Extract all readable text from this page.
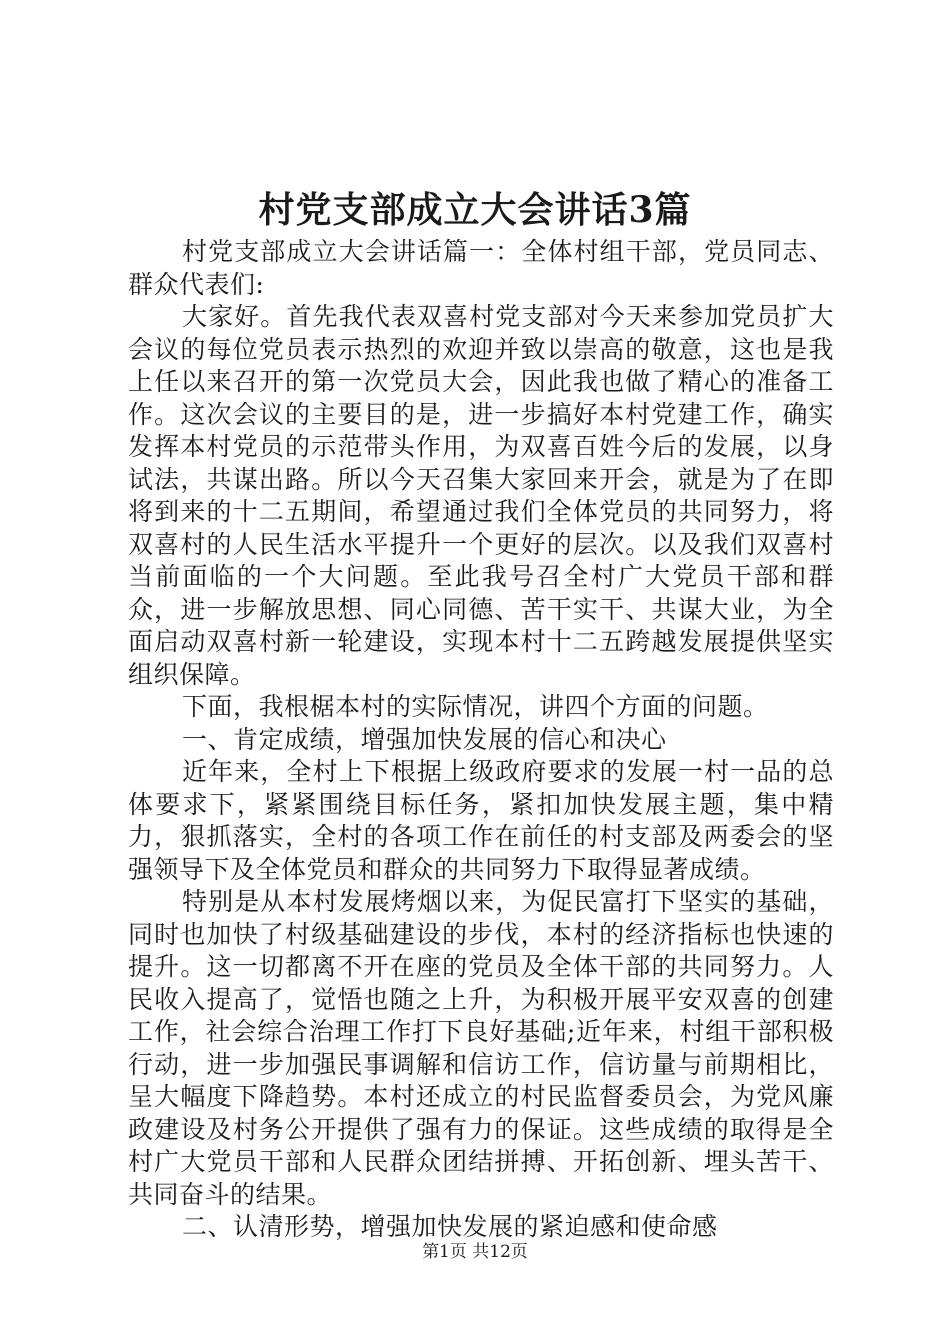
村党支部成立大会讲话3篇

村党支部成立大会讲话篇一：全体村组干部，党员同志、群众代表们:

大家好。首先我代表双喜村党支部对今天来参加党员扩大会议的每位党员表示热烈的欢迎并致以崇高的敬意，这也是我上任以来召开的第一次党员大会，因此我也做了精心的准备工作。这次会议的主要目的是，进一步搞好本村党建工作，确实发挥本村党员的示范带头作用，为双喜百姓今后的发展，以身试法，共谋出路。所以今天召集大家回来开会，就是为了在即将到来的十二五期间，希望通过我们全体党员的共同努力，将双喜村的人民生活水平提升一个更好的层次。以及我们双喜村当前面临的一个大问题。至此我号召全村广大党员干部和群众，进一步解放思想、同心同德、苦干实干、共谋大业，为全面启动双喜村新一轮建设，实现本村十二五跨越发展提供坚实组织保障。

下面，我根椐本村的实际情况，讲四个方面的问题。

一、肯定成绩，增强加快发展的信心和决心

近年来，全村上下根据上级政府要求的发展一村一品的总体要求下，紧紧围绕目标任务，紧扣加快发展主题，集中精力，狠抓落实，全村的各项工作在前任的村支部及两委会的坚强领导下及全体党员和群众的共同努力下取得显著成绩。

特别是从本村发展烤烟以来，为促民富打下坚实的基础，同时也加快了村级基础建设的步伐，本村的经济指标也快速的提升。这一切都离不开在座的党员及全体干部的共同努力。人民收入提高了，觉悟也随之上升，为积极开展平安双喜的创建工作，社会综合治理工作打下良好基础;近年来，村组干部积极行动，进一步加强民事调解和信访工作，信访量与前期相比，呈大幅度下降趋势。本村还成立的村民监督委员会，为党风廉政建设及村务公开提供了强有力的保证。这些成绩的取得是全村广大党员干部和人民群众团结拼搏、开拓创新、埋头苦干、共同奋斗的结果。

二、认清形势，增强加快发展的紧迫感和使命感

第1页 共12页
